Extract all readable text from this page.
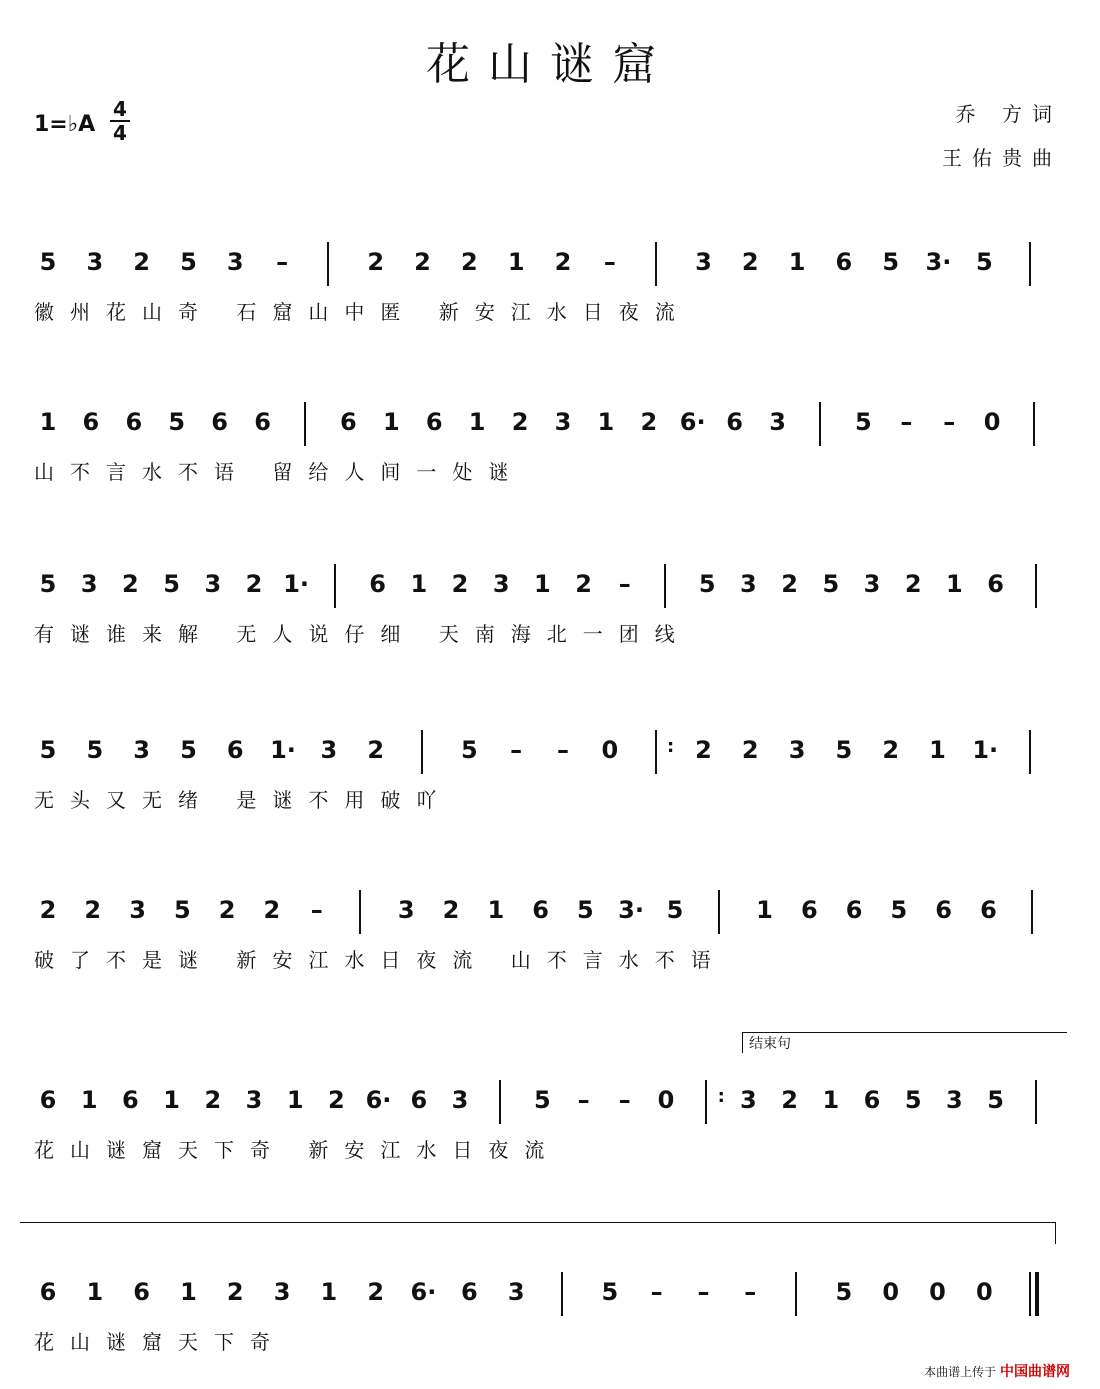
花山谜窟
1=♭A
4
4
乔 方词
王佑贵曲
5 3 2 5 3 –	2 2 2 1 2 –	3 2 1 6 5 3· 5
徽州花山奇 石窟山中匿 新安江水日夜流
1 6 6 5 6 6	6 1 6 1 2 3 1 2 6· 6 3	5 – – 0
山不言水不语 留给人间一处谜
5 3 2 5 3 2 1·	6 1 2 3 1 2 –	5 3 2 5 3 2 1 6
有谜谁来解 无人说仔细 天南海北一团线
5 5 3 5 6 1· 3 2	5 – – 0	: 2 2 3 5 2 1 1·
无头又无绪 是谜不用破吖
2 2 3 5 2 2 –	3 2 1 6 5 3· 5	1 6 6 5 6 6
破了不是谜 新安江水日夜流 山不言水不语
6 1 6 1 2 3 1 2 6· 6 3	5 – – 0	: 3 2 1 6 5 3 5
花山谜窟天下奇 新安江水日夜流
6 1 6 1 2 3 1 2 6· 6 3	5 – – –	5 0 0 0
花山谜窟天下奇
结束句
本曲谱上传于 中国曲谱网
